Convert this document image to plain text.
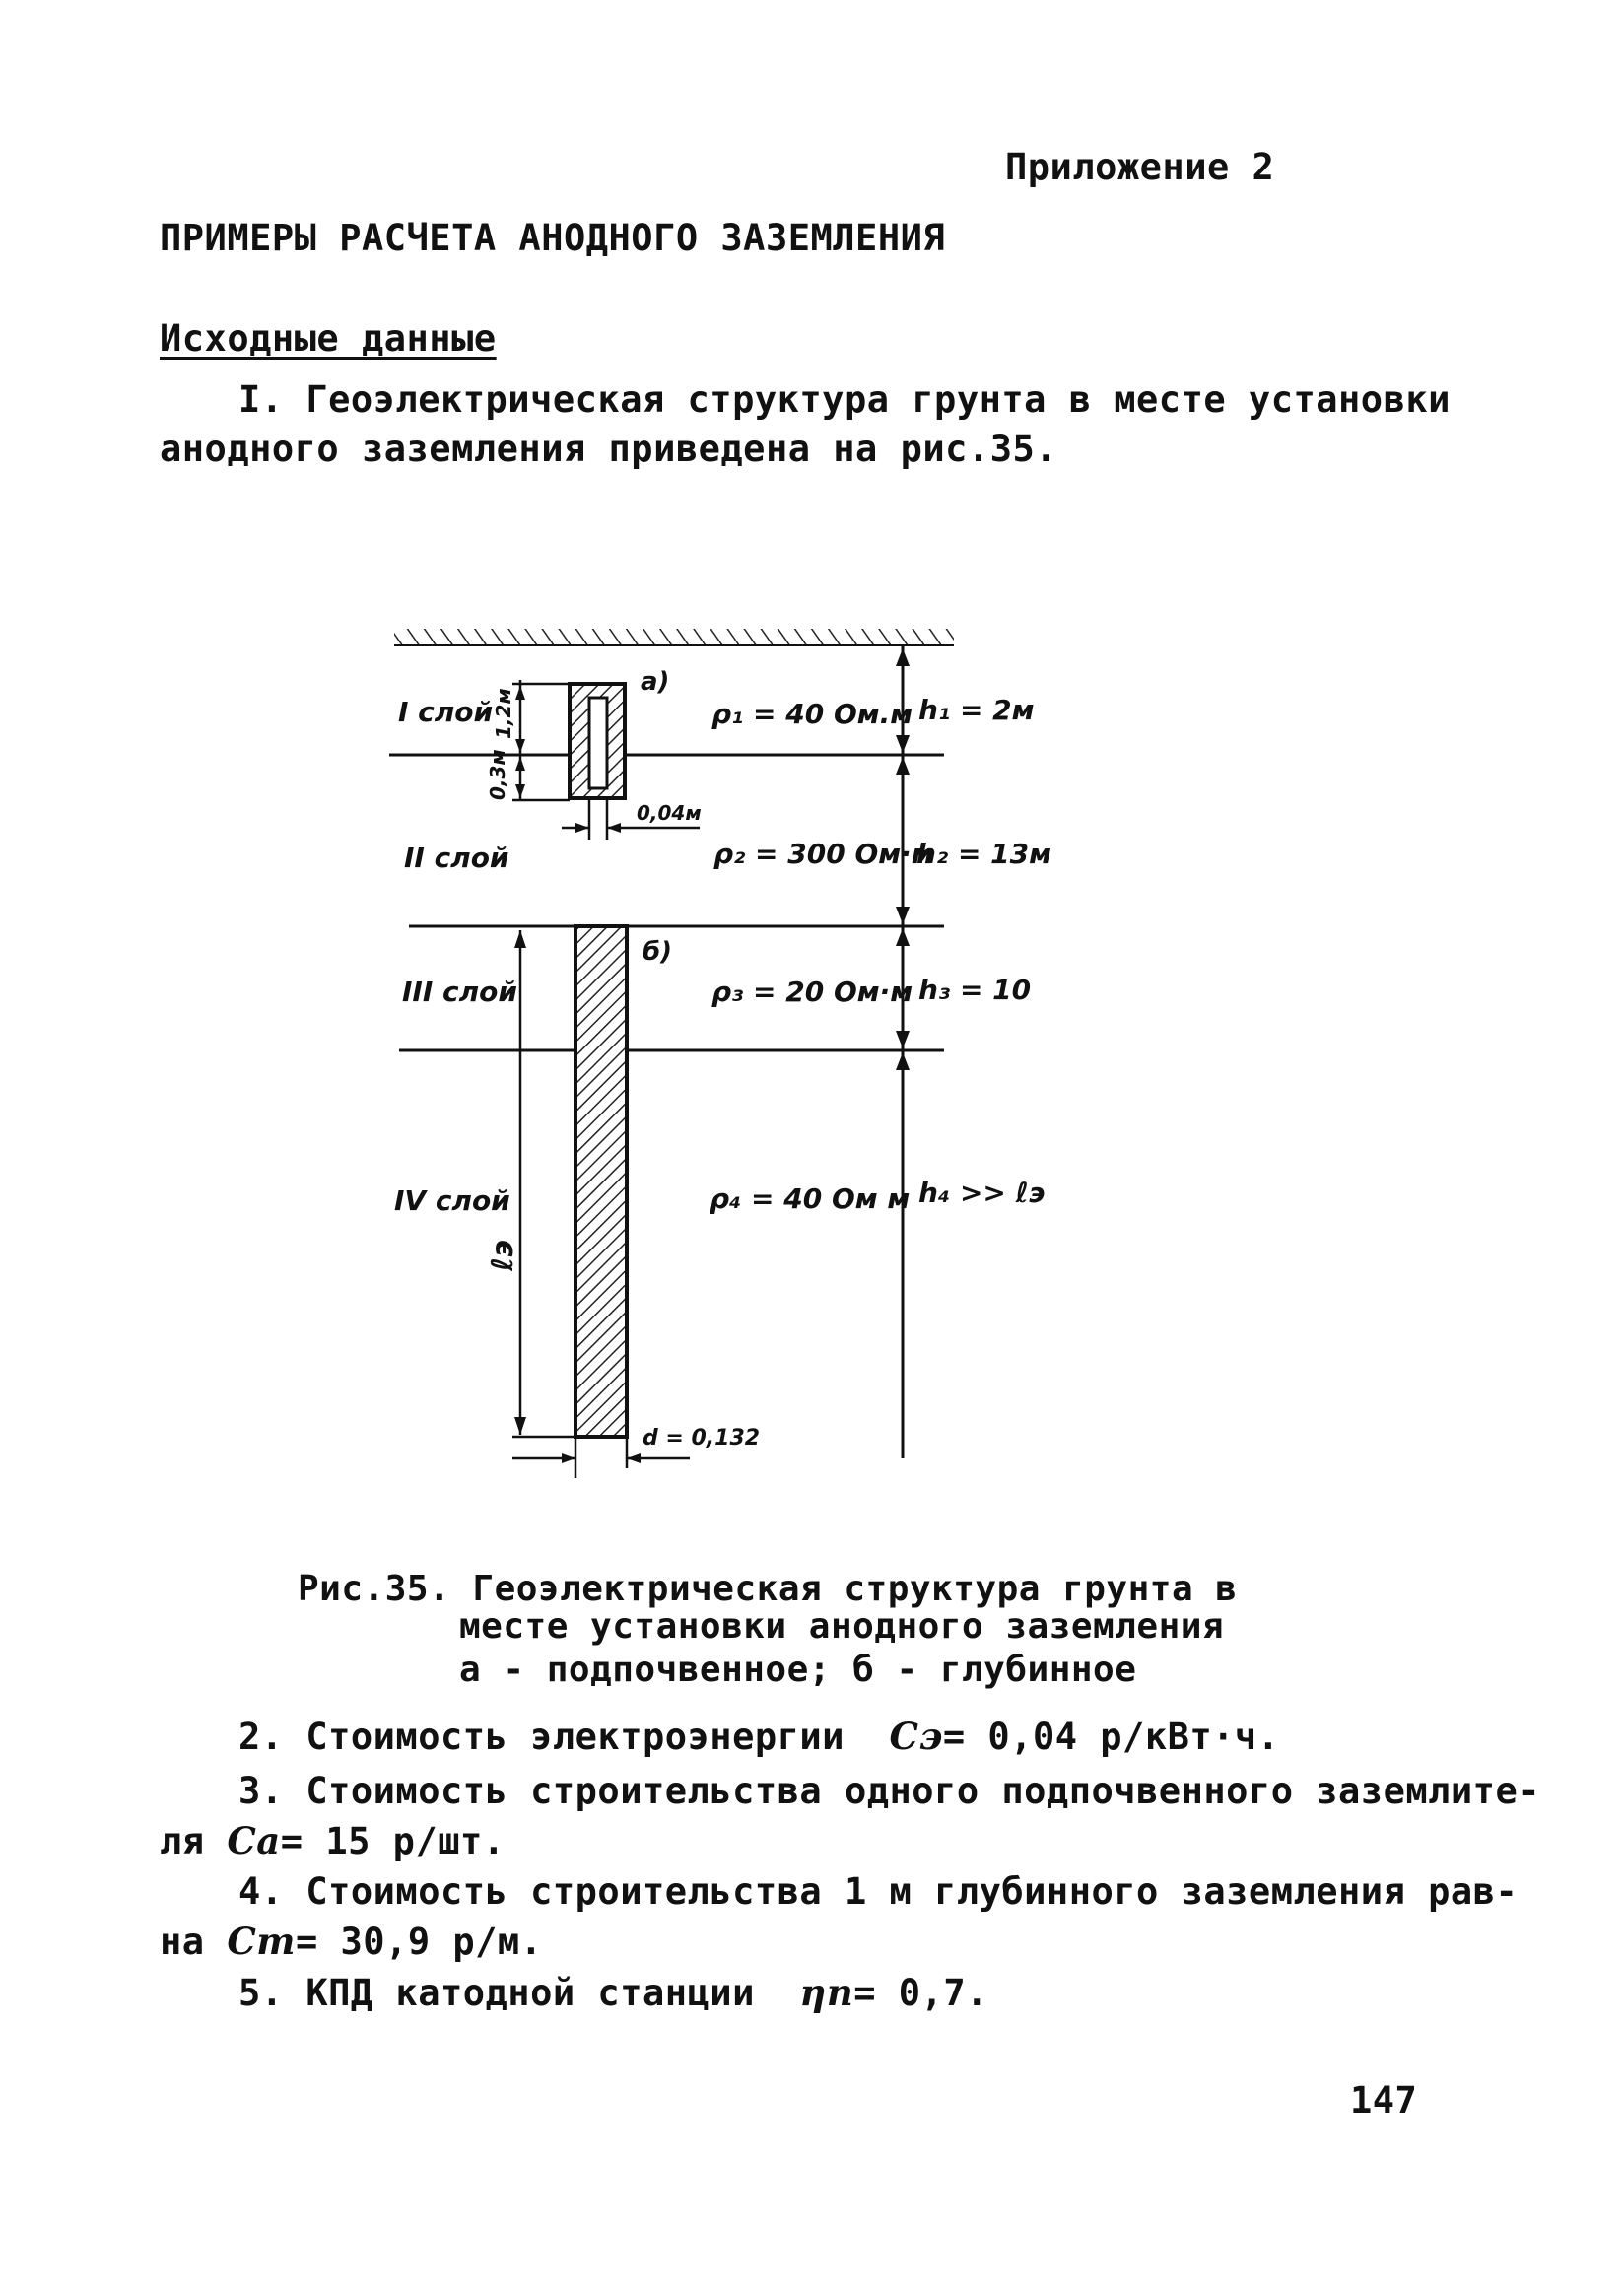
Приложение 2
ПРИМЕРЫ РАСЧЕТА АНОДНОГО ЗАЗЕМЛЕНИЯ
Исходные данные
I. Геоэлектрическая структура грунта в месте установки
анодного заземления приведена на рис.35.
a)
б)
I слой
II слой
III слой
IV слой
1,2м
0,3м
0,04м
d = 0,132
ℓэ
ρ₁ = 40 Ом.м
ρ₂ = 300 Ом·м
ρ₃ = 20 Ом·м
ρ₄ = 40 Ом м
h₁ = 2м
h₂ = 13м
h₃ = 10
h₄ >> ℓэ
Рис.35. Геоэлектрическая структура грунта в
месте установки анодного заземления
а - подпочвенное; б - глубинное
2. Стоимость электроэнергии Cэ= 0,04 р/кВт·ч.
3. Стоимость строительства одного подпочвенного заземлите-
ля Cа= 15 р/шт.
4. Стоимость строительства 1 м глубинного заземления рав-
на Cт= 30,9 р/м.
5. КПД катодной станции ηп= 0,7.
147
